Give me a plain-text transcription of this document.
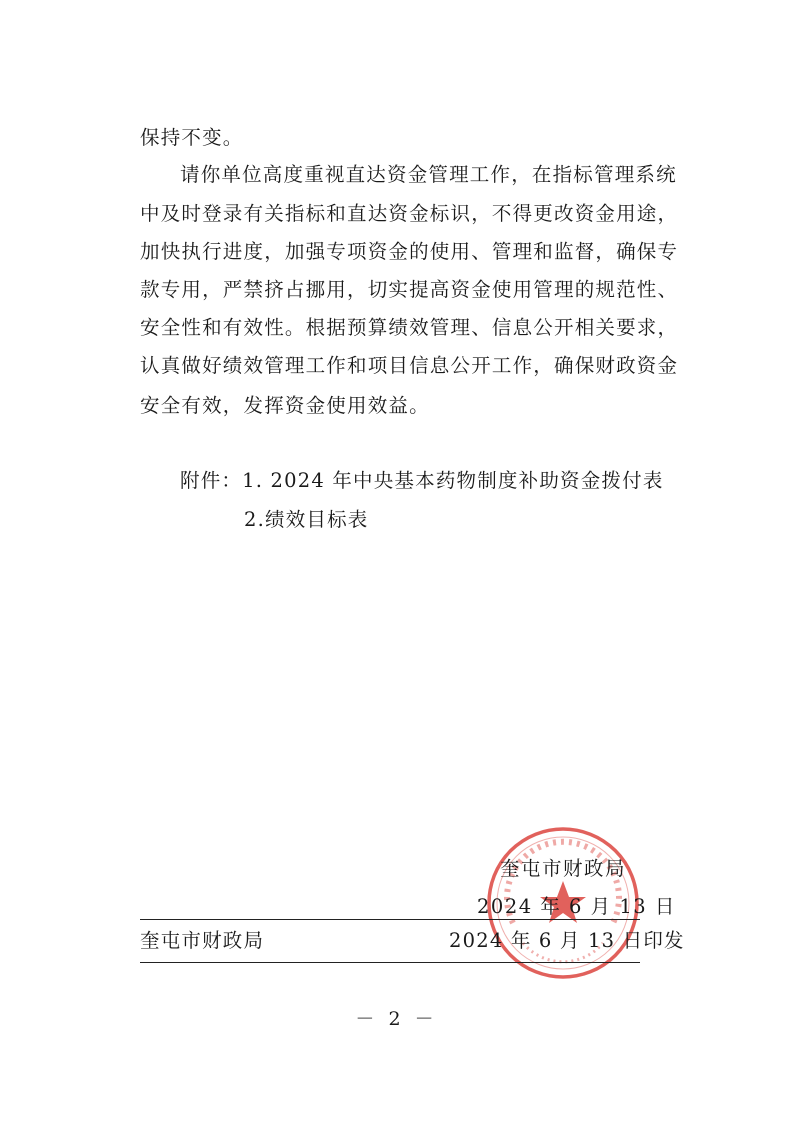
保持不变。
请你单位高度重视直达资金管理工作，在指标管理系统
中及时登录有关指标和直达资金标识，不得更改资金用途，
加快执行进度，加强专项资金的使用、管理和监督，确保专
款专用，严禁挤占挪用，切实提高资金使用管理的规范性、
安全性和有效性。根据预算绩效管理、信息公开相关要求，
认真做好绩效管理工作和项目信息公开工作，确保财政资金
安全有效，发挥资金使用效益。
附件：1. 2024 年中央基本药物制度补助资金拨付表
2.绩效目标表
奎屯市财政局
2024 年 6 月 13 日
奎屯市财政局	2024 年 6 月 13 日印发
－ 2 －
